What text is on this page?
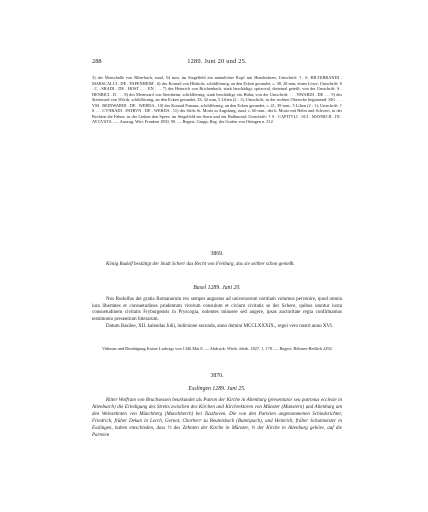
288	1289. Juni 20 und 25.

3) der Marschalle von Biberbach, rund, 54 mm, im Siegelfeld ein mänulicher Kopf mit Hundeohren; Umschrift: †. S. HILTEBRANDI . MARSCALCI . DE . PAPENHEIM . 6) des Konrad von Hilsholz, schildförmig, an den Ecken gerundet, c. 38, 28 mm, einen Löwe; Umschrift: S . C . SRADI . DE . HOST . . . EN . . . 7) des Heinrich von Brichenbach, stark beschädigt, spitzoval, dreieinal geteilt; von der Umschrift: S . HENRICI . D . . . 8) des Meinward von Steinheim, schildförmig, stark beschädigt, ein Bühn; von der Umschrift: . . . NWARDI . DE . . . 9) des Steinward von Wörth, schildförmig, an den Ecken gerundet, 33, 32 mm, 5 Lilien (2 : 1); Umschrift, in der rechten Oberecke beginnend: SIG . . . VM . REINWARDI . DE . WERDA . 10) des Konrad Patrauu, schildförmig, an den Ecken gerundet, c. 41, 39 mm., 5 Lilien (2 : 1); Umschrift: † S . . . CVNRADI . PATRVN . DE . WERDA . 11) des Stifts St. Moriz in Augsburg, rund, c. 60 mm., der h. Moriz mit Helm und Schwert, in der Rechten die Fahne, in der Linken den Speer; im Siegelfeld ein Stern und ein Halbmond; Umschrift: † S . CAPITVLI . SCI . MAVRICII . IN . AVGVSTA . — Auszug: Wirt. Franken 1850, 90. — Regest: Grupp, Reg. der Grafen von Ottingen n. 312.

3869.

König Rudolf bestätigt der Stadt Scherr das Recht von Freiburg, das sie seither schon genießt.

Basel 1289. Juni 20.

Nos Rudolfus dei gratia Romanorum rex semper augustus ad universorum notitiam volumus pervenire, quod omnia iura libertates et consuetudines prudentum virorum consulum et civium civitatis se der Schere, quibus utuntur iuxta consuetudinem civitatis Fryburgensis in Pryscogia, nolentes minuere sed augere, ipsas auctoritate regia confirmamus testimonio presentium litterarum.

Datum Basilee, XII. kalendas Julii, indictione secunda, anno domini MCCLXXXIX., regni vero nostri anno XVI.

Vidimus und Bestätigung Kaiser Ludwigs von 1346 Mai 8. — Abdruck: Wirth. Jahrb. 1827, 1, 178. — Regest: Böhmer-Redlich 2292.

3870.
Esslingen 1289. Juni 25.

Ritter Wolfram von Bruchsessen beurkundet als Patron der Kirche in Altenburg (presentator seu patronus ecclesie in Altenburch) die Erledigung des Streits zwischen des Kirchen und Kirchrektoren von Münster (Munstern) und Altenburg um den Weinzehnten von Münchberg (Munchberch) bei Tuzzhoven. Die von den Parteien angenommenen Schiedsrichter, Friedrich, früher Dekan in Lorch, Gernot, Chorherr zu Beutelsbach (Butelspach), und Heinrich, früher Schulmeister in Esslingen, haben entschieden, dass ⅔ des Zehnten der Kirche in Münster, ⅓ der Kirche in Altenburg gehöre, auf die Parteien
